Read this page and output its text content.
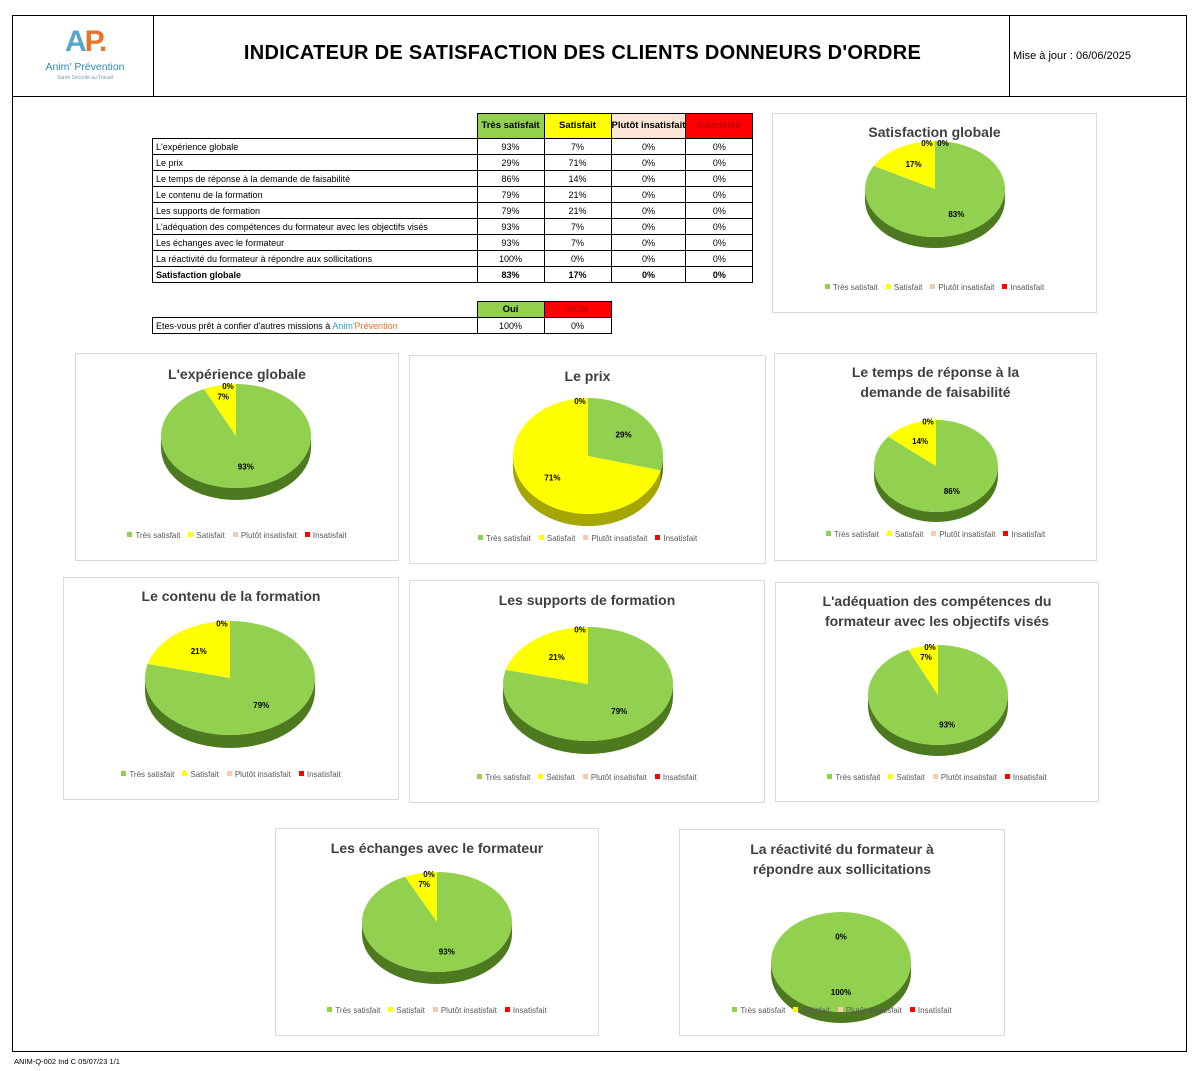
AP.
Anim' Prévention
Santé Sécurité au Travail
INDICATEUR DE SATISFACTION DES CLIENTS DONNEURS D'ORDRE	Mise à jour : 06/06/2025
	Très satisfait	Satisfait	Plutôt insatisfait	Insatisfait
L'expérience globale	93%	7%	0%	0%
Le prix	29%	71%	0%	0%
Le temps de réponse à la demande de faisabilité	86%	14%	0%	0%
Le contenu de la formation	79%	21%	0%	0%
Les supports de formation	79%	21%	0%	0%
L'adéquation des compétences du formateur avec les objectifs visés	93%	7%	0%	0%
Les échanges avec le formateur	93%	7%	0%	0%
La réactivité du formateur à répondre aux sollicitations	100%	0%	0%	0%
Satisfaction globale	83%	17%	0%	0%
	Oui	NON
Etes-vous prêt à confier d'autres missions à Anim'Prévention	100%	0%
Satisfaction globale
83%
17%
0% 0%
Très satisfait Satisfait Plutôt insatisfait Insatisfait
L'expérience globale
93%
7%
0%
Très satisfait Satisfait Plutôt insatisfait Insatisfait
Le prix
29%
71%
0%
Très satisfait Satisfait Plutôt insatisfait Insatisfait
Le temps de réponse à la
demande de faisabilité
86%
14%
0%
Très satisfait Satisfait Plutôt insatisfait Insatisfait
Le contenu de la formation
79%
21%
0%
Très satisfait Satisfait Plutôt insatisfait Insatisfait
Les supports de formation
79%
21%
0%
Très satisfait Satisfait Plutôt insatisfait Insatisfait
L'adéquation des compétences du
formateur avec les objectifs visés
93%
7%
0%
Très satisfait Satisfait Plutôt insatisfait Insatisfait
Les échanges avec le formateur
93%
7%
0%
Très satisfait Satisfait Plutôt insatisfait Insatisfait
La réactivité du formateur à
répondre aux sollicitations
100%
0%
Très satisfait Satisfait Plutôt insatisfait Insatisfait
ANIM-Q-002 Ind C 05/07/23 1/1
